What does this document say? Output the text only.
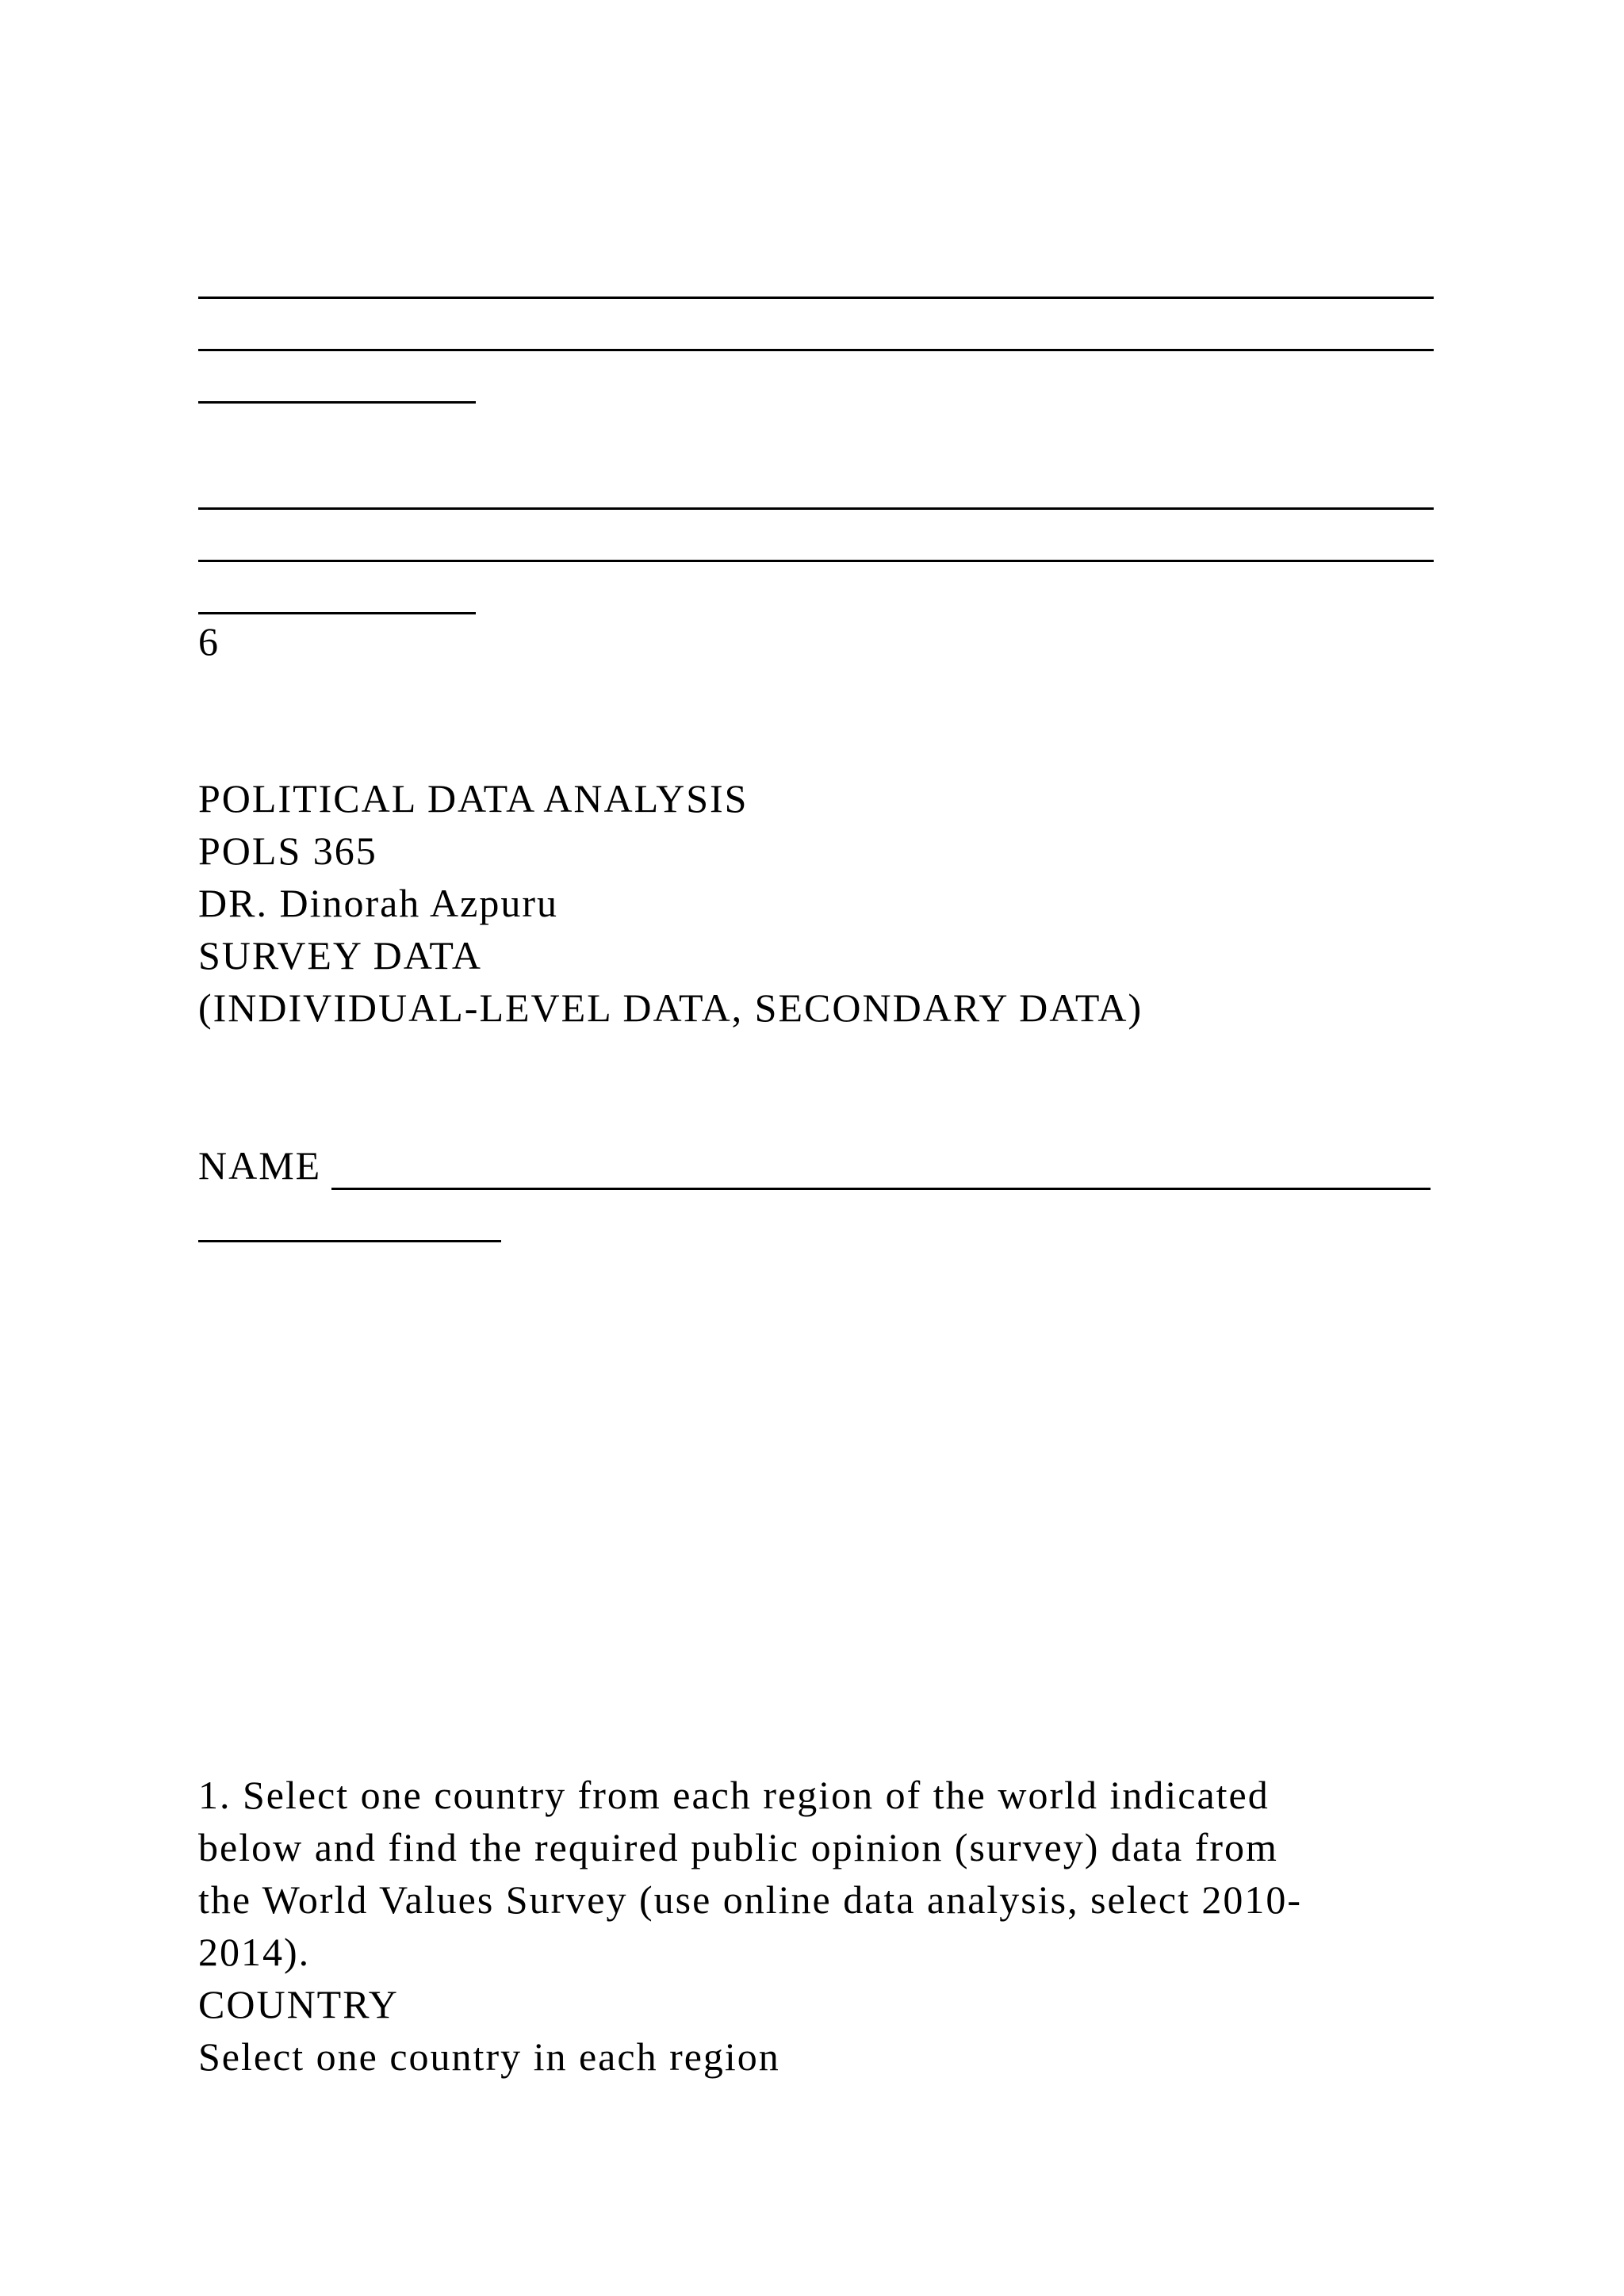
6

POLITICAL DATA ANALYSIS

POLS 365

DR. Dinorah Azpuru

SURVEY DATA

(INDIVIDUAL-LEVEL DATA, SECONDARY DATA)

NAME

1. Select one country from each region of the world indicated

below and find the required public opinion (survey) data from

the World Values Survey (use online data analysis, select 2010-

2014).

COUNTRY

Select one country in each region
